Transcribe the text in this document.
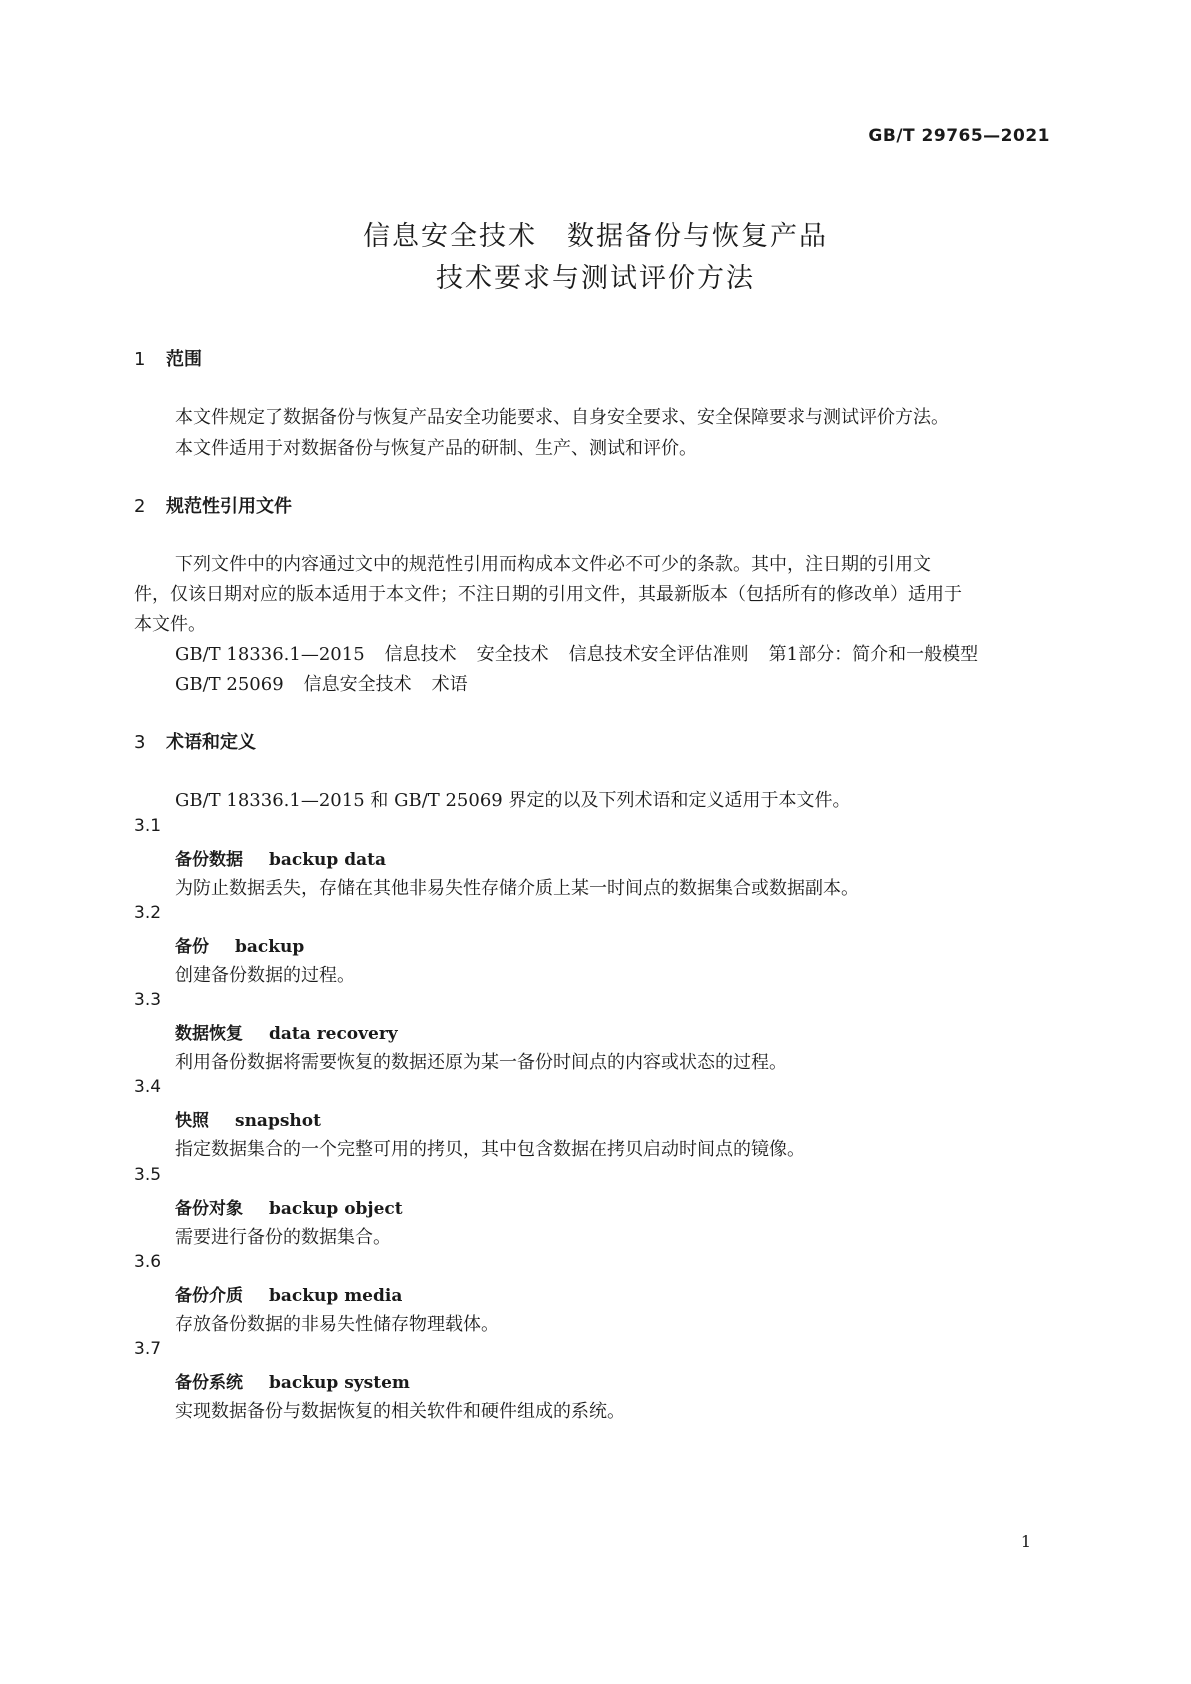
GB/T 29765—2021
信息安全技术 数据备份与恢复产品
技术要求与测试评价方法
1 范围
本文件规定了数据备份与恢复产品安全功能要求、自身安全要求、安全保障要求与测试评价方法。
本文件适用于对数据备份与恢复产品的研制、生产、测试和评价。
2 规范性引用文件
下列文件中的内容通过文中的规范性引用而构成本文件必不可少的条款。其中，注日期的引用文
件，仅该日期对应的版本适用于本文件；不注日期的引用文件，其最新版本（包括所有的修改单）适用于
本文件。
GB/T 18336.1—2015 信息技术 安全技术 信息技术安全评估准则 第1部分：简介和一般模型
GB/T 25069 信息安全技术 术语
3 术语和定义
GB/T 18336.1—2015 和 GB/T 25069 界定的以及下列术语和定义适用于本文件。
3.1
备份数据 backup data
为防止数据丢失，存储在其他非易失性存储介质上某一时间点的数据集合或数据副本。
3.2
备份 backup
创建备份数据的过程。
3.3
数据恢复 data recovery
利用备份数据将需要恢复的数据还原为某一备份时间点的内容或状态的过程。
3.4
快照 snapshot
指定数据集合的一个完整可用的拷贝，其中包含数据在拷贝启动时间点的镜像。
3.5
备份对象 backup object
需要进行备份的数据集合。
3.6
备份介质 backup media
存放备份数据的非易失性储存物理载体。
3.7
备份系统 backup system
实现数据备份与数据恢复的相关软件和硬件组成的系统。
1
